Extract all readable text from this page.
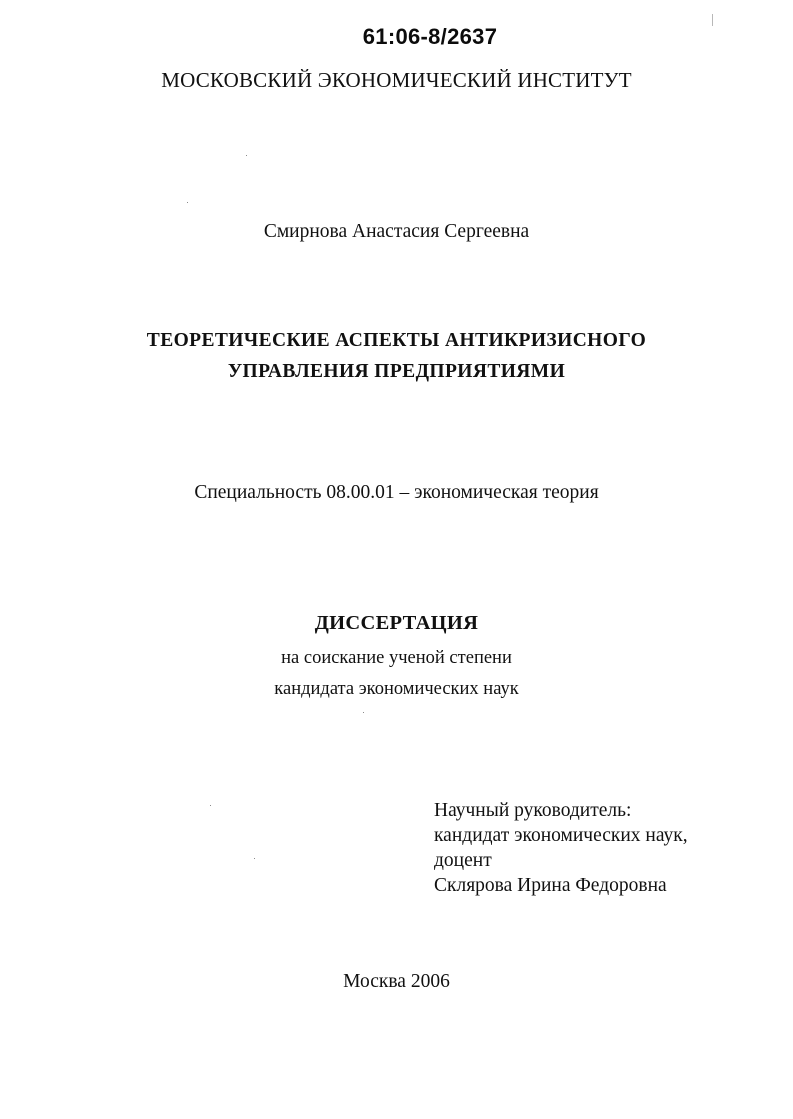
61:06-8/2637
МОСКОВСКИЙ ЭКОНОМИЧЕСКИЙ ИНСТИТУТ
Смирнова Анастасия Сергеевна
ТЕОРЕТИЧЕСКИЕ АСПЕКТЫ АНТИКРИЗИСНОГО
УПРАВЛЕНИЯ ПРЕДПРИЯТИЯМИ
Специальность 08.00.01 – экономическая теория
ДИССЕРТАЦИЯ
на соискание ученой степени
кандидата экономических наук
Научный руководитель:
кандидат экономических наук,
доцент
Склярова Ирина Федоровна
Москва 2006
